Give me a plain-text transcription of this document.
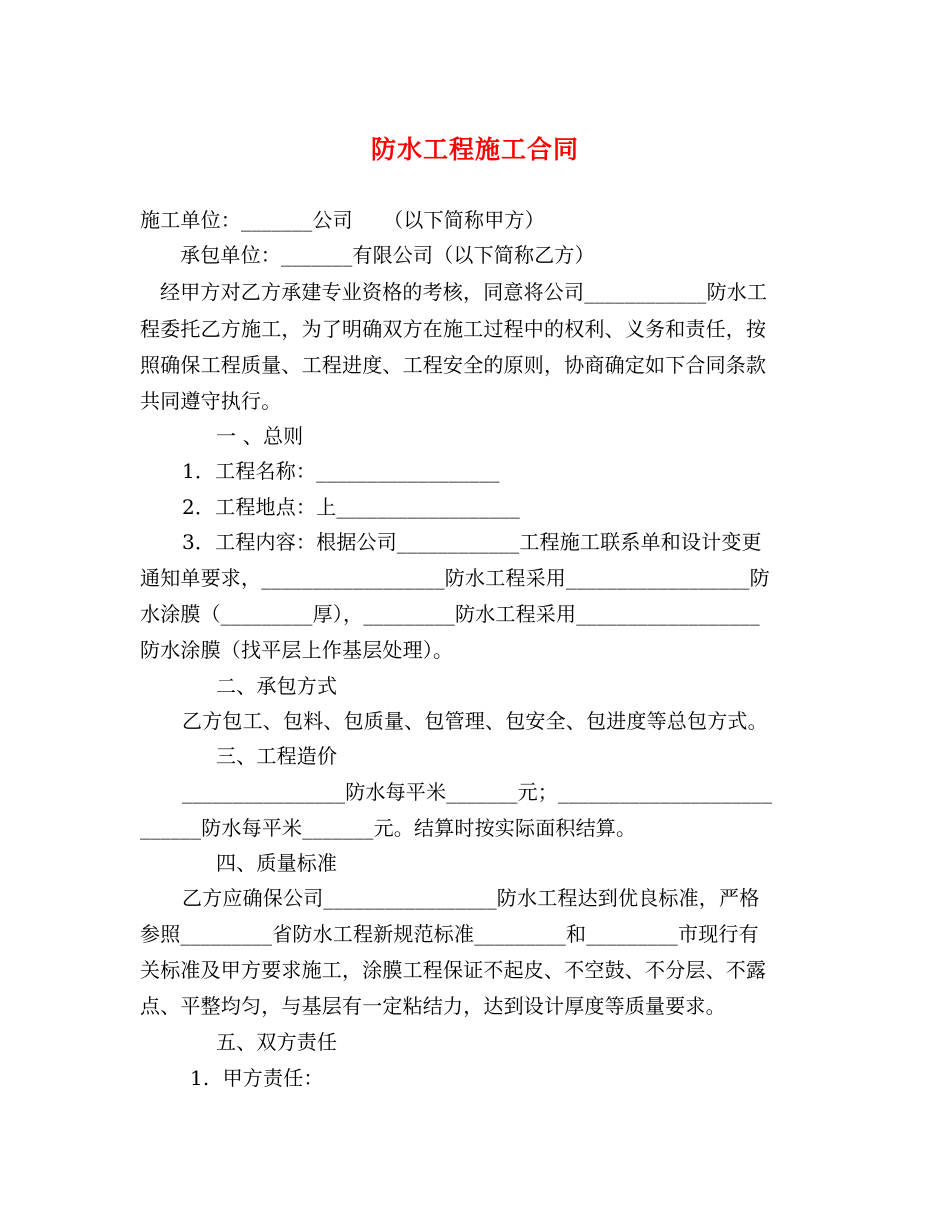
防水工程施工合同
施工单位：_______公司　　（以下简称甲方）
承包单位：_______有限公司（以下简称乙方）
经甲方对乙方承建专业资格的考核，同意将公司____________防水工
程委托乙方施工，为了明确双方在施工过程中的权利、义务和责任，按
照确保工程质量、工程进度、工程安全的原则，协商确定如下合同条款
共同遵守执行。
一 、总则
1．工程名称：__________________
2．工程地点：上__________________
3．工程内容：根据公司____________工程施工联系单和设计变更
通知单要求，__________________防水工程采用__________________防
水涂膜（_________厚），_________防水工程采用__________________
防水涂膜（找平层上作基层处理）。
二、承包方式
乙方包工、包料、包质量、包管理、包安全、包进度等总包方式。
三、工程造价
________________防水每平米_______元；_____________________
______防水每平米_______元。结算时按实际面积结算。
四、质量标准
乙方应确保公司_________________防水工程达到优良标准，严格
参照_________省防水工程新规范标准_________和_________市现行有
关标准及甲方要求施工，涂膜工程保证不起皮、不空鼓、不分层、不露
点、平整均匀，与基层有一定粘结力，达到设计厚度等质量要求。
五、双方责任
1.  甲方责任：
